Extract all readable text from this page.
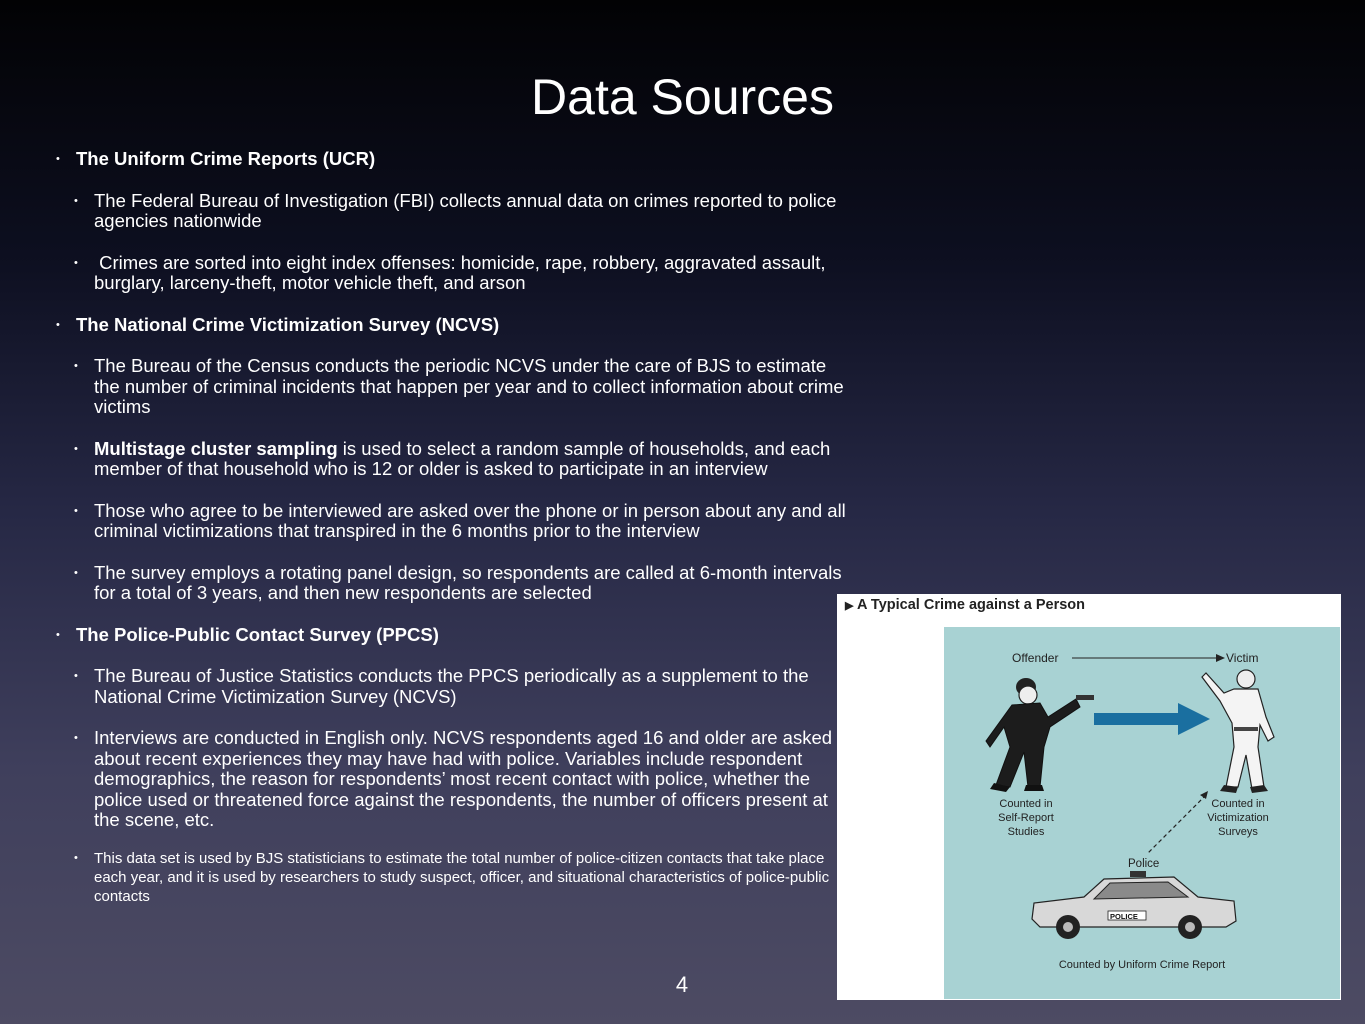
Data Sources
• The Uniform Crime Reports (UCR)
• The Federal Bureau of Investigation (FBI) collects annual data on crimes reported to police agencies nationwide
•  Crimes are sorted into eight index offenses: homicide, rape, robbery, aggravated assault, burglary, larceny-theft, motor vehicle theft, and arson
• The National Crime Victimization Survey (NCVS)
• The Bureau of the Census conducts the periodic NCVS under the care of BJS to estimate the number of criminal incidents that happen per year and to collect information about crime victims
• Multistage cluster sampling is used to select a random sample of households, and each member of that household who is 12 or older is asked to participate in an interview
• Those who agree to be interviewed are asked over the phone or in person about any and all criminal victimizations that transpired in the 6 months prior to the interview
• The survey employs a rotating panel design, so respondents are called at 6-month intervals for a total of 3 years, and then new respondents are selected
• The Police-Public Contact Survey (PPCS)
• The Bureau of Justice Statistics conducts the PPCS periodically as a supplement to the National Crime Victimization Survey (NCVS)
• Interviews are conducted in English only. NCVS respondents aged 16 and older are asked about recent experiences they may have had with police. Variables include respondent demographics, the reason for respondents’ most recent contact with police, whether the police used or threatened force against the respondents, the number of officers present at the scene, etc.
• This data set is used by BJS statisticians to estimate the total number of police-citizen contacts that take place each year, and it is used by researchers to study suspect, officer, and situational characteristics of police-public contacts
4
▶ A Typical Crime against a Person
Offender	Victim
Counted in
Self-Report
Studies
Counted in
Victimization
Surveys
Police
POLICE
Counted by Uniform Crime Report
